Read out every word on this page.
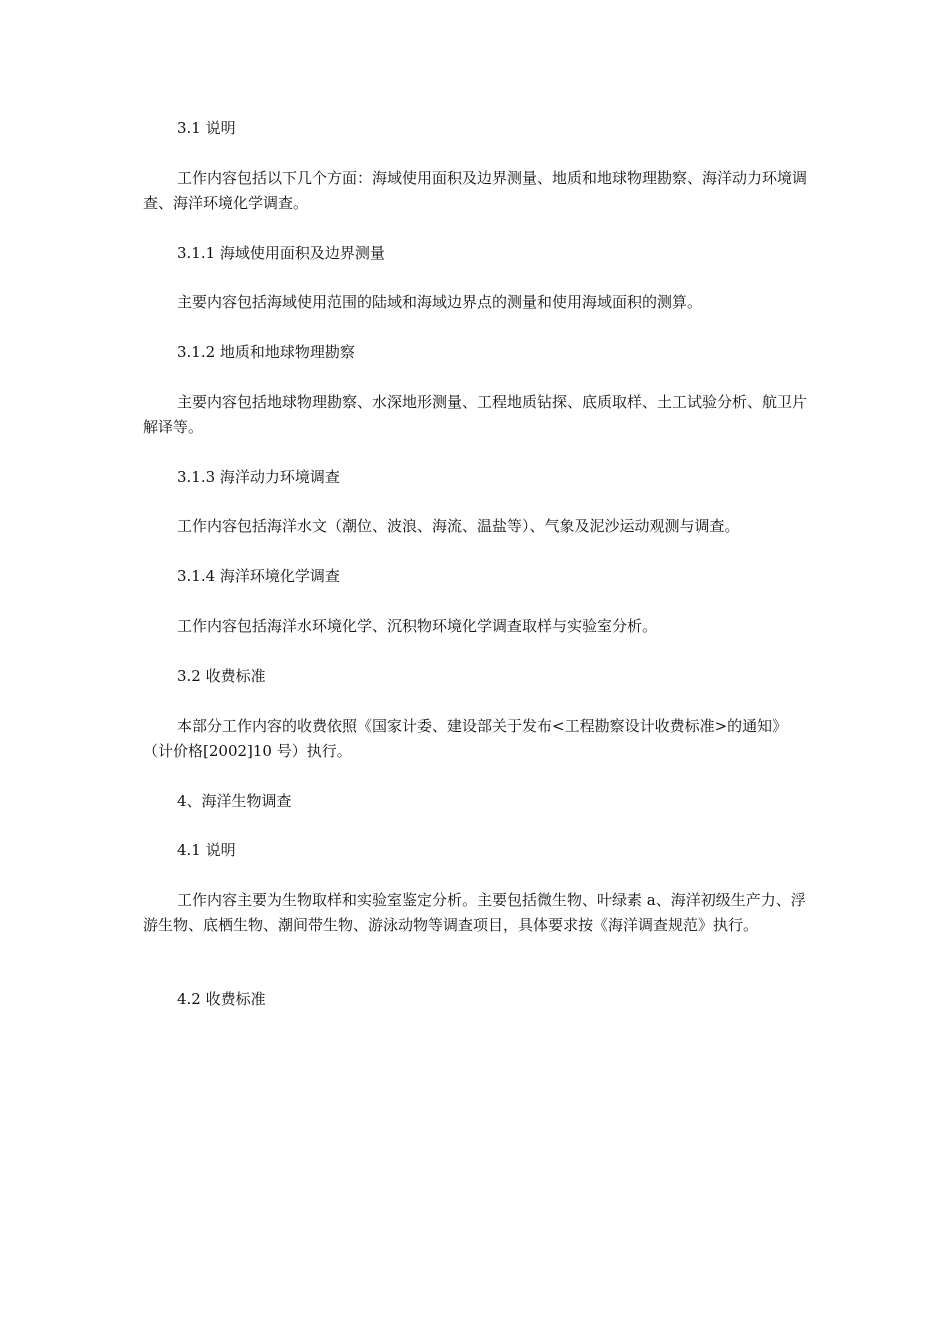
3.1 说明

工作内容包括以下几个方面：海域使用面积及边界测量、地质和地球物理勘察、海洋动力环境调查、海洋环境化学调查。

3.1.1 海域使用面积及边界测量

主要内容包括海域使用范围的陆域和海域边界点的测量和使用海域面积的测算。

3.1.2 地质和地球物理勘察

主要内容包括地球物理勘察、水深地形测量、工程地质钻探、底质取样、土工试验分析、航卫片解译等。

3.1.3 海洋动力环境调查

工作内容包括海洋水文（潮位、波浪、海流、温盐等）、气象及泥沙运动观测与调查。

3.1.4 海洋环境化学调查

工作内容包括海洋水环境化学、沉积物环境化学调查取样与实验室分析。

3.2 收费标准

本部分工作内容的收费依照《国家计委、建设部关于发布<工程勘察设计收费标准>的通知》（计价格[2002]10 号）执行。

4、海洋生物调查

4.1 说明

工作内容主要为生物取样和实验室鉴定分析。主要包括微生物、叶绿素 a、海洋初级生产力、浮游生物、底栖生物、潮间带生物、游泳动物等调查项目，具体要求按《海洋调查规范》执行。

4.2 收费标准
